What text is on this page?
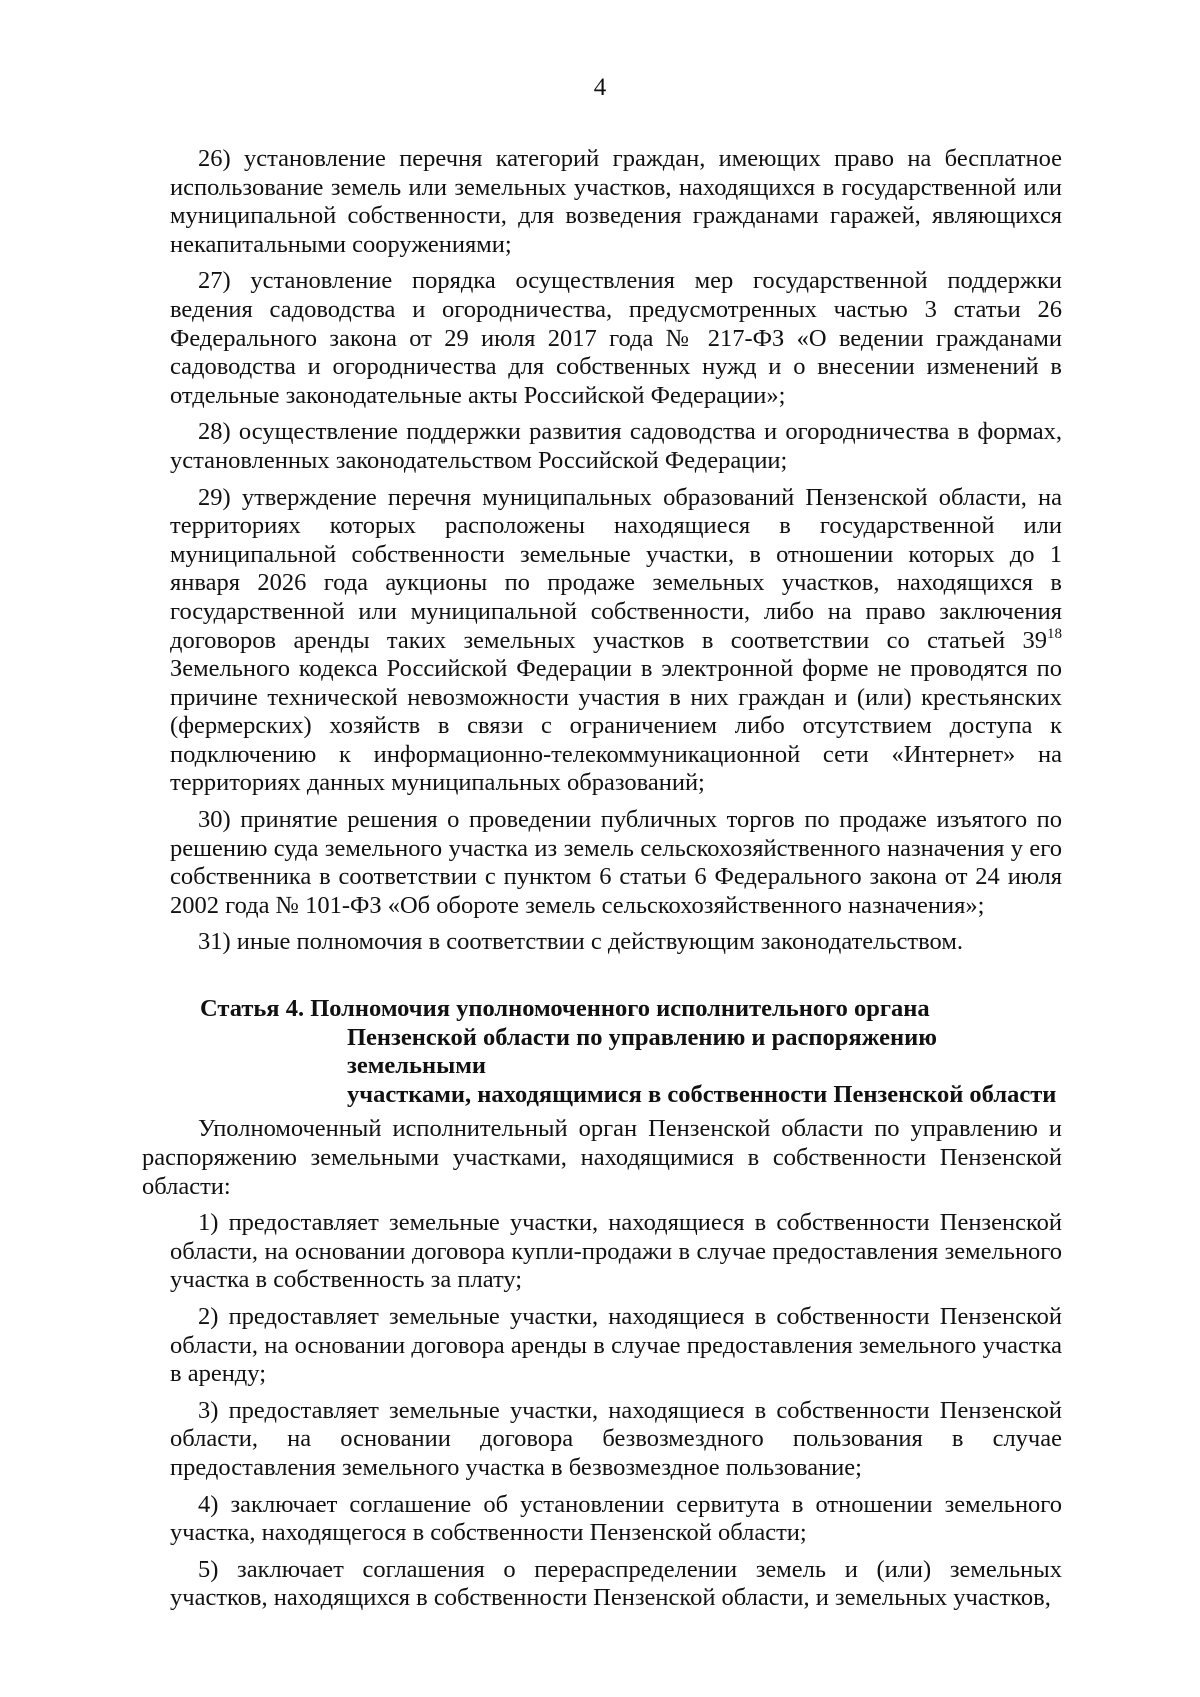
4

26) установление перечня категорий граждан, имеющих право на бесплатное использование земель или земельных участков, находящихся в государственной или муниципальной собственности, для возведения гражданами гаражей, являющихся некапитальными сооружениями;

27) установление порядка осуществления мер государственной поддержки ведения садоводства и огородничества, предусмотренных частью 3 статьи 26 Федерального закона от 29 июля 2017 года № 217-ФЗ «О ведении гражданами садоводства и огородничества для собственных нужд и о внесении изменений в отдельные законодательные акты Российской Федерации»;

28) осуществление поддержки развития садоводства и огородничества в формах, установленных законодательством Российской Федерации;

29) утверждение перечня муниципальных образований Пензенской области, на территориях которых расположены находящиеся в государственной или муниципальной собственности земельные участки, в отношении которых до 1 января 2026 года аукционы по продаже земельных участков, находящихся в государственной или муниципальной собственности, либо на право заключения договоров аренды таких земельных участков в соответствии со статьей $39^{18}$ Земельного кодекса Российской Федерации в электронной форме не проводятся по причине технической невозможности участия в них граждан и (или) крестьянских (фермерских) хозяйств в связи с ограничением либо отсутствием доступа к подключению к информационно-телекоммуникационной сети «Интернет» на территориях данных муниципальных образований;

30) принятие решения о проведении публичных торгов по продаже изъятого по решению суда земельного участка из земель сельскохозяйственного назначения у его собственника в соответствии с пунктом 6 статьи 6 Федерального закона от 24 июля 2002 года № 101-ФЗ «Об обороте земель сельскохозяйственного назначения»;

31) иные полномочия в соответствии с действующим законодательством.

Статья 4. Полномочия уполномоченного исполнительного органа
Пензенской области по управлению и распоряжению земельными
участками, находящимися в собственности Пензенской области
Уполномоченный исполнительный орган Пензенской области по управлению и распоряжению земельными участками, находящимися в собственности Пензенской области:

1) предоставляет земельные участки, находящиеся в собственности Пензенской области, на основании договора купли-продажи в случае предоставления земельного участка в собственность за плату;

2) предоставляет земельные участки, находящиеся в собственности Пензенской области, на основании договора аренды в случае предоставления земельного участка в аренду;

3) предоставляет земельные участки, находящиеся в собственности Пензенской области, на основании договора безвозмездного пользования в случае предоставления земельного участка в безвозмездное пользование;

4) заключает соглашение об установлении сервитута в отношении земельного участка, находящегося в собственности Пензенской области;

5) заключает соглашения о перераспределении земель и (или) земельных участков, находящихся в собственности Пензенской области, и земельных участков,
